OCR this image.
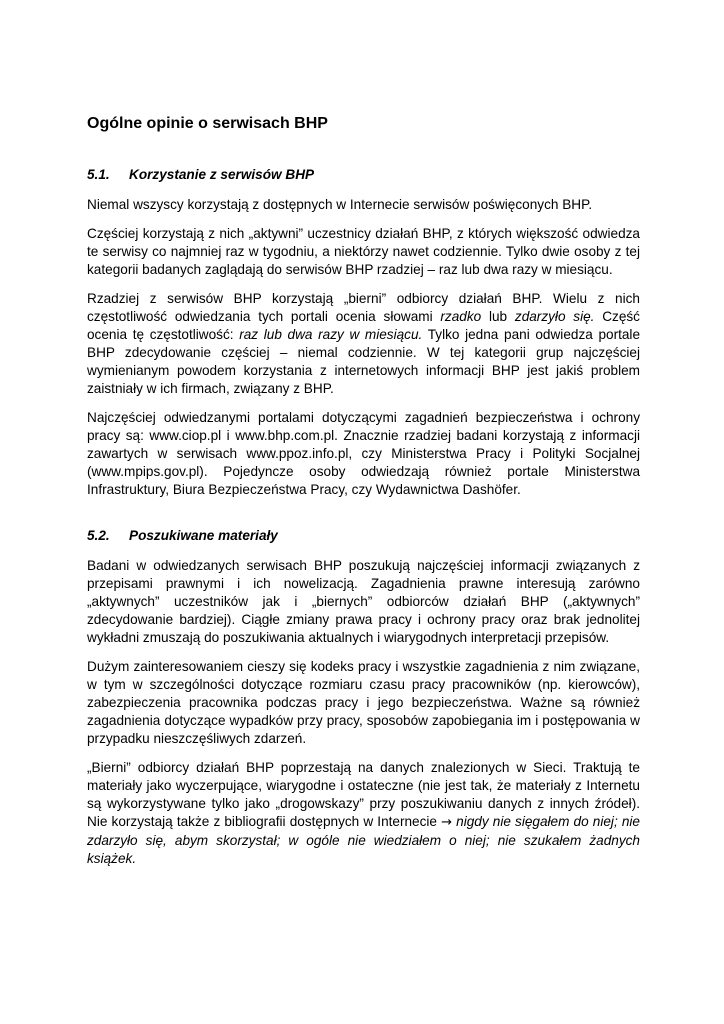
Ogólne opinie o serwisach BHP
5.1. Korzystanie z serwisów BHP

Niemal wszyscy korzystają z dostępnych w Internecie serwisów poświęconych BHP.

Częściej korzystają z nich „aktywni” uczestnicy działań BHP, z których większość odwiedza te serwisy co najmniej raz w tygodniu, a niektórzy nawet codziennie. Tylko dwie osoby z tej kategorii badanych zaglądają do serwisów BHP rzadziej – raz lub dwa razy w miesiącu.

Rzadziej z serwisów BHP korzystają „bierni” odbiorcy działań BHP. Wielu z nich częstotliwość odwiedzania tych portali ocenia słowami rzadko lub zdarzyło się. Część ocenia tę częstotliwość: raz lub dwa razy w miesiącu. Tylko jedna pani odwiedza portale BHP zdecydowanie częściej – niemal codziennie. W tej kategorii grup najczęściej wymienianym powodem korzystania z internetowych informacji BHP jest jakiś problem zaistniały w ich firmach, związany z BHP.

Najczęściej odwiedzanymi portalami dotyczącymi zagadnień bezpieczeństwa i ochrony pracy są: www.ciop.pl i www.bhp.com.pl. Znacznie rzadziej badani korzystają z informacji zawartych w serwisach www.ppoz.info.pl, czy Ministerstwa Pracy i Polityki Socjalnej (www.mpips.gov.pl). Pojedyncze osoby odwiedzają również portale Ministerstwa Infrastruktury, Biura Bezpieczeństwa Pracy, czy Wydawnictwa Dashöfer.

5.2. Poszukiwane materiały

Badani w odwiedzanych serwisach BHP poszukują najczęściej informacji związanych z przepisami prawnymi i ich nowelizacją. Zagadnienia prawne interesują zarówno „aktywnych” uczestników jak i „biernych” odbiorców działań BHP („aktywnych” zdecydowanie bardziej). Ciągłe zmiany prawa pracy i ochrony pracy oraz brak jednolitej wykładni zmuszają do poszukiwania aktualnych i wiarygodnych interpretacji przepisów.

Dużym zainteresowaniem cieszy się kodeks pracy i wszystkie zagadnienia z nim związane, w tym w szczególności dotyczące rozmiaru czasu pracy pracowników (np. kierowców), zabezpieczenia pracownika podczas pracy i jego bezpieczeństwa. Ważne są również zagadnienia dotyczące wypadków przy pracy, sposobów zapobiegania im i postępowania w przypadku nieszczęśliwych zdarzeń.

„Bierni” odbiorcy działań BHP poprzestają na danych znalezionych w Sieci. Traktują te materiały jako wyczerpujące, wiarygodne i ostateczne (nie jest tak, że materiały z Internetu są wykorzystywane tylko jako „drogowskazy” przy poszukiwaniu danych z innych źródeł). Nie korzystają także z bibliografii dostępnych w Internecie → nigdy nie sięgałem do niej; nie zdarzyło się, abym skorzystał; w ogóle nie wiedziałem o niej; nie szukałem żadnych książek.
